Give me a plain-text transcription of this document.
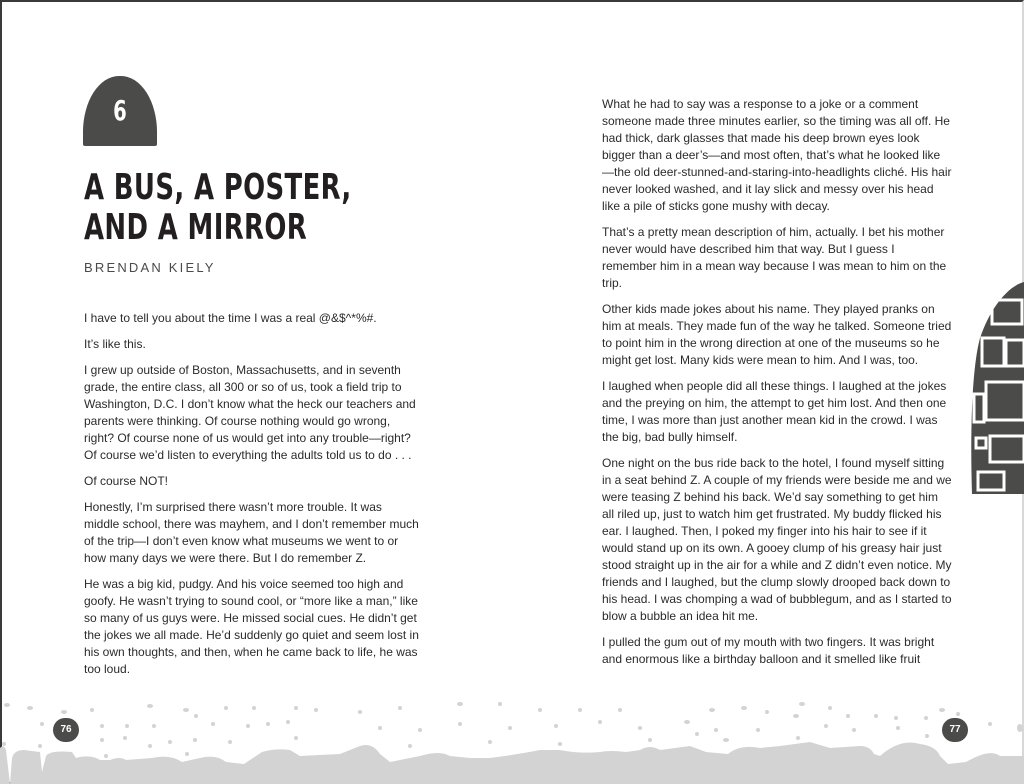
6
A BUS, A POSTER,
AND A MIRROR
BRENDAN KIELY

I have to tell you about the time I was a real @&$^*%#.

It’s like this.

I grew up outside of Boston, Massachusetts, and in seventh grade, the entire class, all 300 or so of us, took a field trip to Washington, D.C. I don’t know what the heck our teachers and parents were thinking. Of course nothing would go wrong, right? Of course none of us would get into any trouble—right? Of course we’d listen to everything the adults told us to do . . .

Of course NOT!

Honestly, I’m surprised there wasn’t more trouble. It was middle school, there was mayhem, and I don’t remember much of the trip—I don’t even know what museums we went to or how many days we were there. But I do remember Z.

He was a big kid, pudgy. And his voice seemed too high and goofy. He wasn’t trying to sound cool, or “more like a man,” like so many of us guys were. He missed social cues. He didn’t get the jokes we all made. He’d suddenly go quiet and seem lost in his own thoughts, and then, when he came back to life, he was too loud.

What he had to say was a response to a joke or a comment someone made three minutes earlier, so the timing was all off. He had thick, dark glasses that made his deep brown eyes look bigger than a deer’s—and most often, that’s what he looked like—the old deer-stunned-and-staring-into-headlights cliché. His hair never looked washed, and it lay slick and messy over his head like a pile of sticks gone mushy with decay.

That’s a pretty mean description of him, actually. I bet his mother never would have described him that way. But I guess I remember him in a mean way because I was mean to him on the trip.

Other kids made jokes about his name. They played pranks on him at meals. They made fun of the way he talked. Someone tried to point him in the wrong direction at one of the museums so he might get lost. Many kids were mean to him. And I was, too.

I laughed when people did all these things. I laughed at the jokes and the preying on him, the attempt to get him lost. And then one time, I was more than just another mean kid in the crowd. I was the big, bad bully himself.

One night on the bus ride back to the hotel, I found myself sitting in a seat behind Z. A couple of my friends were beside me and we were teasing Z behind his back. We’d say something to get him all riled up, just to watch him get frustrated. My buddy flicked his ear. I laughed. Then, I poked my finger into his hair to see if it would stand up on its own. A gooey clump of his greasy hair just stood straight up in the air for a while and Z didn’t even notice. My friends and I laughed, but the clump slowly drooped back down to his head. I was chomping a wad of bubblegum, and as I started to blow a bubble an idea hit me.

I pulled the gum out of my mouth with two fingers. It was bright and enormous like a birthday balloon and it smelled like fruit

76	77
